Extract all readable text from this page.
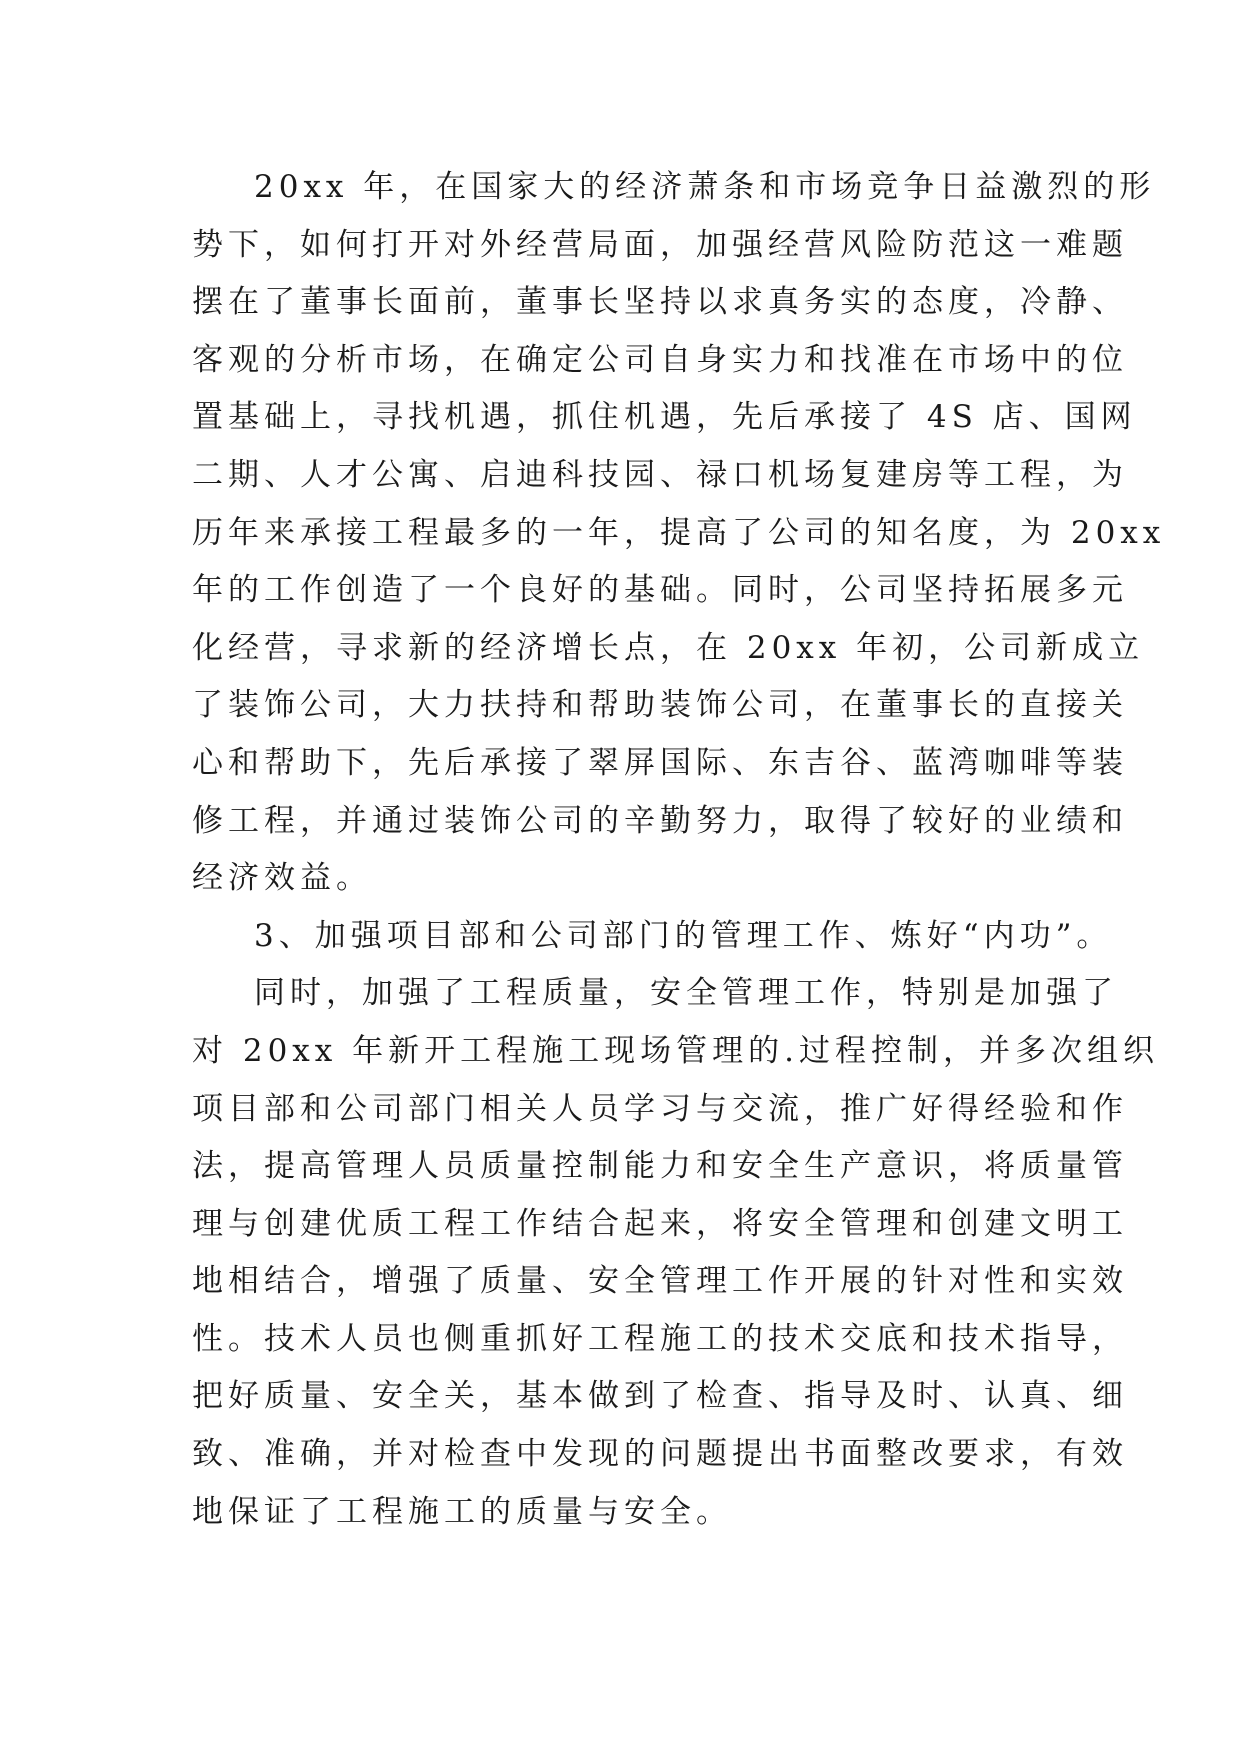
20xx 年，在国家大的经济萧条和市场竞争日益激烈的形
势下，如何打开对外经营局面，加强经营风险防范这一难题
摆在了董事长面前，董事长坚持以求真务实的态度，冷静、
客观的分析市场，在确定公司自身实力和找准在市场中的位
置基础上，寻找机遇，抓住机遇，先后承接了 4S 店、国网
二期、人才公寓、启迪科技园、禄口机场复建房等工程，为
历年来承接工程最多的一年，提高了公司的知名度，为 20xx
年的工作创造了一个良好的基础。同时，公司坚持拓展多元
化经营，寻求新的经济增长点，在 20xx 年初，公司新成立
了装饰公司，大力扶持和帮助装饰公司，在董事长的直接关
心和帮助下，先后承接了翠屏国际、东吉谷、蓝湾咖啡等装
修工程，并通过装饰公司的辛勤努力，取得了较好的业绩和
经济效益。
3、加强项目部和公司部门的管理工作、炼好“内功”。
同时，加强了工程质量，安全管理工作，特别是加强了
对 20xx 年新开工程施工现场管理的.过程控制，并多次组织
项目部和公司部门相关人员学习与交流，推广好得经验和作
法，提高管理人员质量控制能力和安全生产意识，将质量管
理与创建优质工程工作结合起来，将安全管理和创建文明工
地相结合，增强了质量、安全管理工作开展的针对性和实效
性。技术人员也侧重抓好工程施工的技术交底和技术指导，
把好质量、安全关，基本做到了检查、指导及时、认真、细
致、准确，并对检查中发现的问题提出书面整改要求，有效
地保证了工程施工的质量与安全。
